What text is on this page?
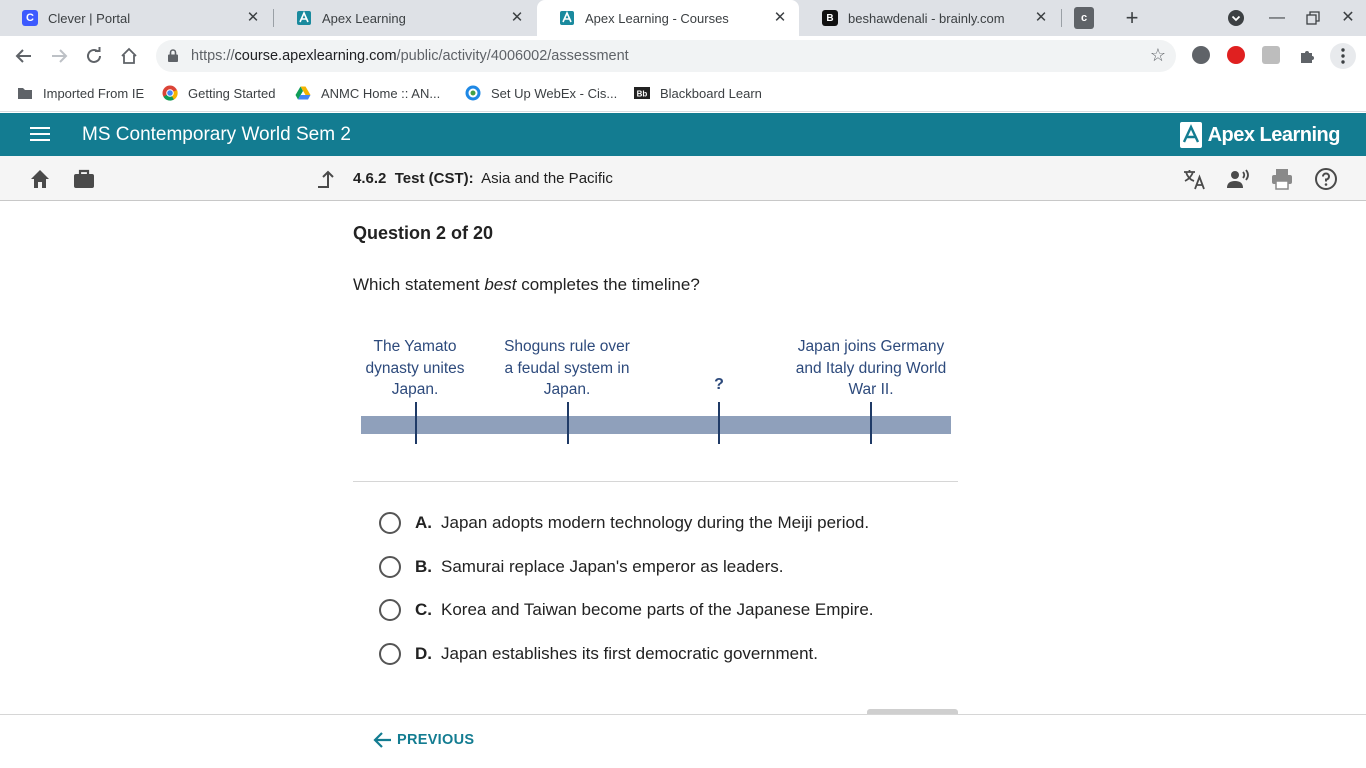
C	Clever | Portal	✕	Apex Learning	✕	Apex Learning - Courses	✕	B	beshawdenali - brainly.com ✕	c	+	—	✕
https://course.apexlearning.com/public/activity/4006002/assessment	☆
Imported From IE	Getting Started	ANMC Home :: AN...	Set Up WebEx - Cis... Bb Blackboard Learn
MS Contemporary World Sem 2	Apex Learning
4.6.2 Test (CST): Asia and the Pacific
Question 2 of 20
Which statement best completes the timeline?
The Yamato dynasty unites Japan.
Shoguns rule over a feudal system in Japan.	?
Japan joins Germany and Italy during World War II.
A. Japan adopts modern technology during the Meiji period.
B. Samurai replace Japan's emperor as leaders.
C. Korea and Taiwan become parts of the Japanese Empire.
D. Japan establishes its first democratic government.
PREVIOUS
